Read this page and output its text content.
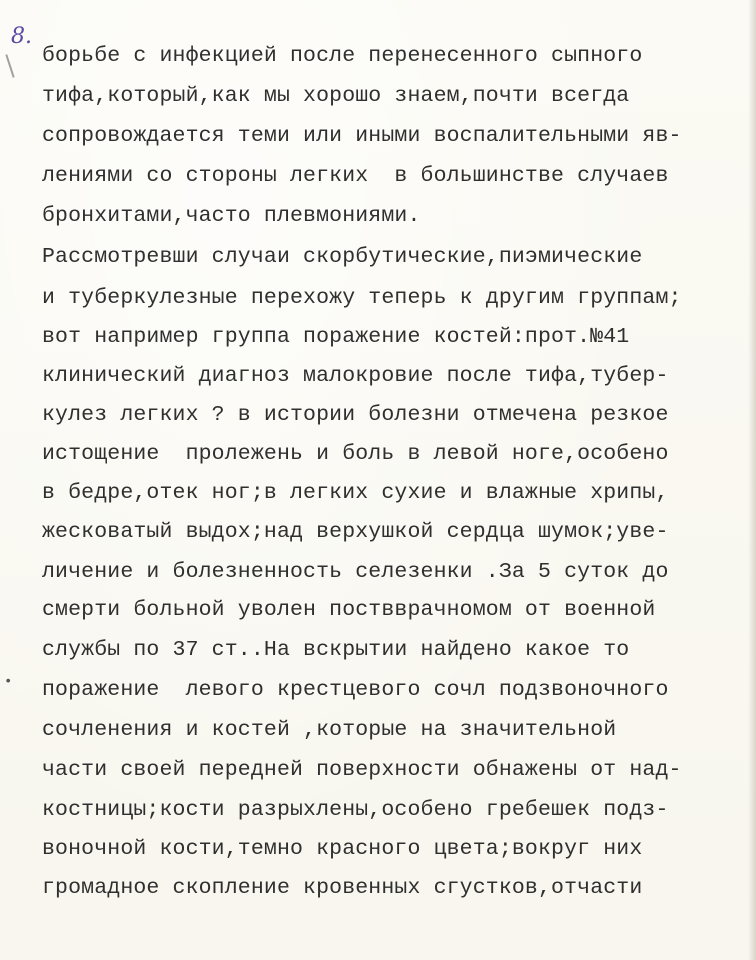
8.
•
борьбе с инфекцией после перенесенного сыпного
тифа,который,как мы хорошо знаем,почти всегда
сопровождается теми или иными воспалительными яв-
лениями со стороны легких  в большинстве случаев
бронхитами,часто плевмониями.
Рассмотревши случаи скорбутические,пиэмические
и туберкулезные перехожу теперь к другим группам;
вот например группа поражение костей:прот.№41
клинический диагноз малокровие после тифа,тубер-
кулез легких ? в истории болезни отмечена резкое
истощение  пролежень и боль в левой ноге,особено
в бедре,отек ног;в легких сухие и влажные хрипы,
жесковатый выдох;над верхушкой сердца шумок;уве-
личение и болезненность селезенки .За 5 суток до
смерти больной уволен поствврачномом от военной
службы по 37 ст..На вскрытии найдено какое то
поражение  левого крестцевого сочл подзвоночного
сочленения и костей ,которые на значительной
части своей передней поверхности обнажены от над-
костницы;кости разрыхлены,особено гребешек подз-
воночной кости,темно красного цвета;вокруг них
громадное скопление кровенных сгустков,отчасти
